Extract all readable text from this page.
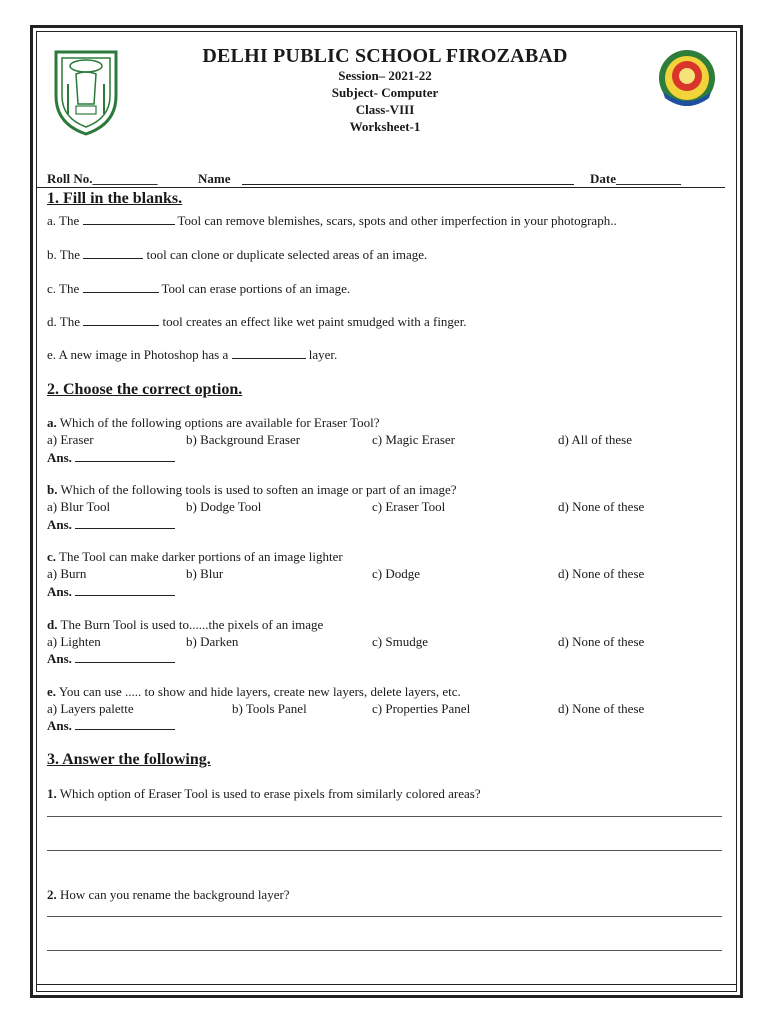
DELHI PUBLIC SCHOOL FIROZABAD
Session– 2021-22
Subject- Computer
Class-VIII
Worksheet-1
Roll No.__________	Name	Date__________
1. Fill in the blanks.
a. The	Tool can remove blemishes, scars, spots and other imperfection in your photograph..
b. The	tool can clone or duplicate selected areas of an image.
c. The	Tool can erase portions of an image.
d. The	tool creates an effect like wet paint smudged with a finger.
e. A new image in Photoshop has a	layer.
2. Choose the correct option.
a. Which of the following options are available for Eraser Tool?
a) Eraser	b) Background Eraser	c) Magic Eraser	d) All of these
Ans.
b. Which of the following tools is used to soften an image or part of an image?
a) Blur Tool	b) Dodge Tool	c) Eraser Tool	d) None of these
Ans.
c. The Tool can make darker portions of an image lighter
a) Burn	b) Blur	c) Dodge	d) None of these
Ans.
d. The Burn Tool is used to......the pixels of an image
a) Lighten	b) Darken	c) Smudge	d) None of these
Ans.
e. You can use ..... to show and hide layers, create new layers, delete layers, etc.
a) Layers palette	b) Tools Panel	c) Properties Panel	d) None of these
Ans.
3. Answer the following.
1. Which option of Eraser Tool is used to erase pixels from similarly colored areas?
2. How can you rename the background layer?
